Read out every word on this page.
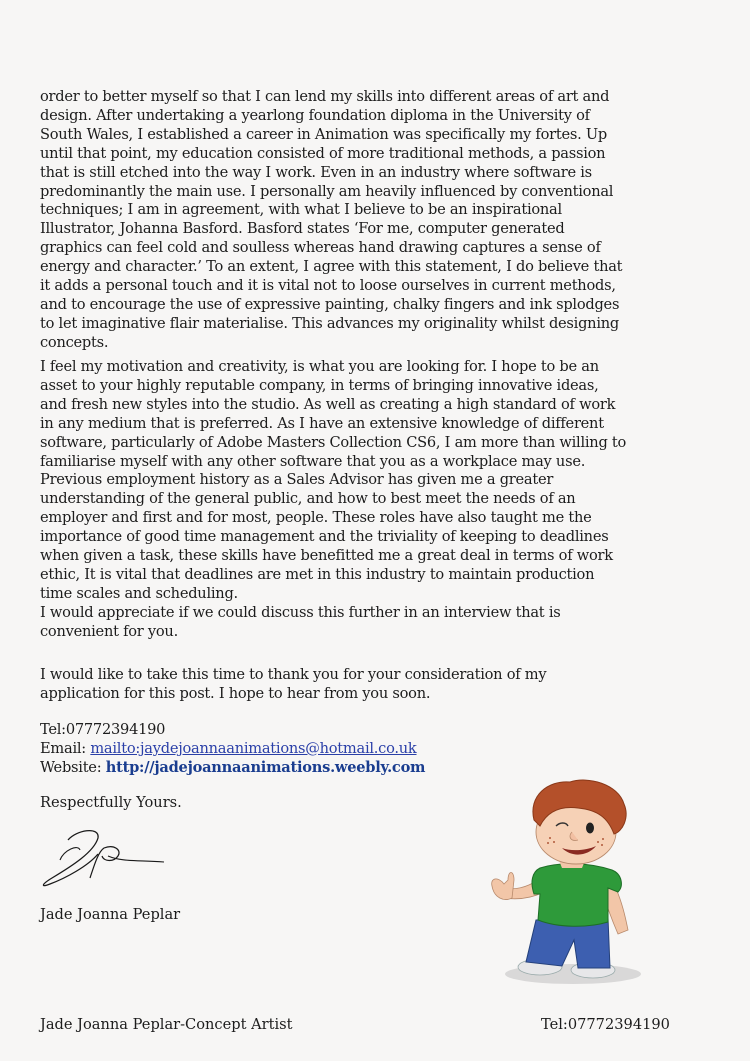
order to better myself so that I can lend my skills into different areas of art and
design. After undertaking a yearlong foundation diploma in the University of
South Wales, I established a career in Animation was specifically my fortes. Up
until that point, my education consisted of more traditional methods, a passion
that is still etched into the way I work. Even in an industry where software is
predominantly the main use. I personally am heavily influenced by conventional
techniques; I am in agreement, with what I believe to be an inspirational
Illustrator, Johanna Basford. Basford states ‘For me, computer generated
graphics can feel cold and soulless whereas hand drawing captures a sense of
energy and character.’ To an extent, I agree with this statement, I do believe that
it adds a personal touch and it is vital not to loose ourselves in current methods,
and to encourage the use of expressive painting, chalky fingers and ink splodges
to let imaginative flair materialise. This advances my originality whilst designing
concepts.

I feel my motivation and creativity, is what you are looking for. I hope to be an
asset to your highly reputable company, in terms of bringing innovative ideas,
and fresh new styles into the studio. As well as creating a high standard of work
in any medium that is preferred. As I have an extensive knowledge of different
software, particularly of Adobe Masters Collection CS6, I am more than willing to
familiarise myself with any other software that you as a workplace may use.
Previous employment history as a Sales Advisor has given me a greater
understanding of the general public, and how to best meet the needs of an
employer and first and for most, people. These roles have also taught me the
importance of good time management and the triviality of keeping to deadlines
when given a task, these skills have benefitted me a great deal in terms of work
ethic, It is vital that deadlines are met in this industry to maintain production
time scales and scheduling.
I would appreciate if we could discuss this further in an interview that is
convenient for you.

I would like to take this time to thank you for your consideration of my
application for this post. I hope to hear from you soon.

Tel:07772394190
Email: mailto:jaydejoannaanimations@hotmail.co.uk
Website: http://jadejoannaanimations.weebly.com
Respectfully Yours.
Jade Joanna Peplar
Jade Joanna Peplar-Concept Artist	Tel:07772394190
